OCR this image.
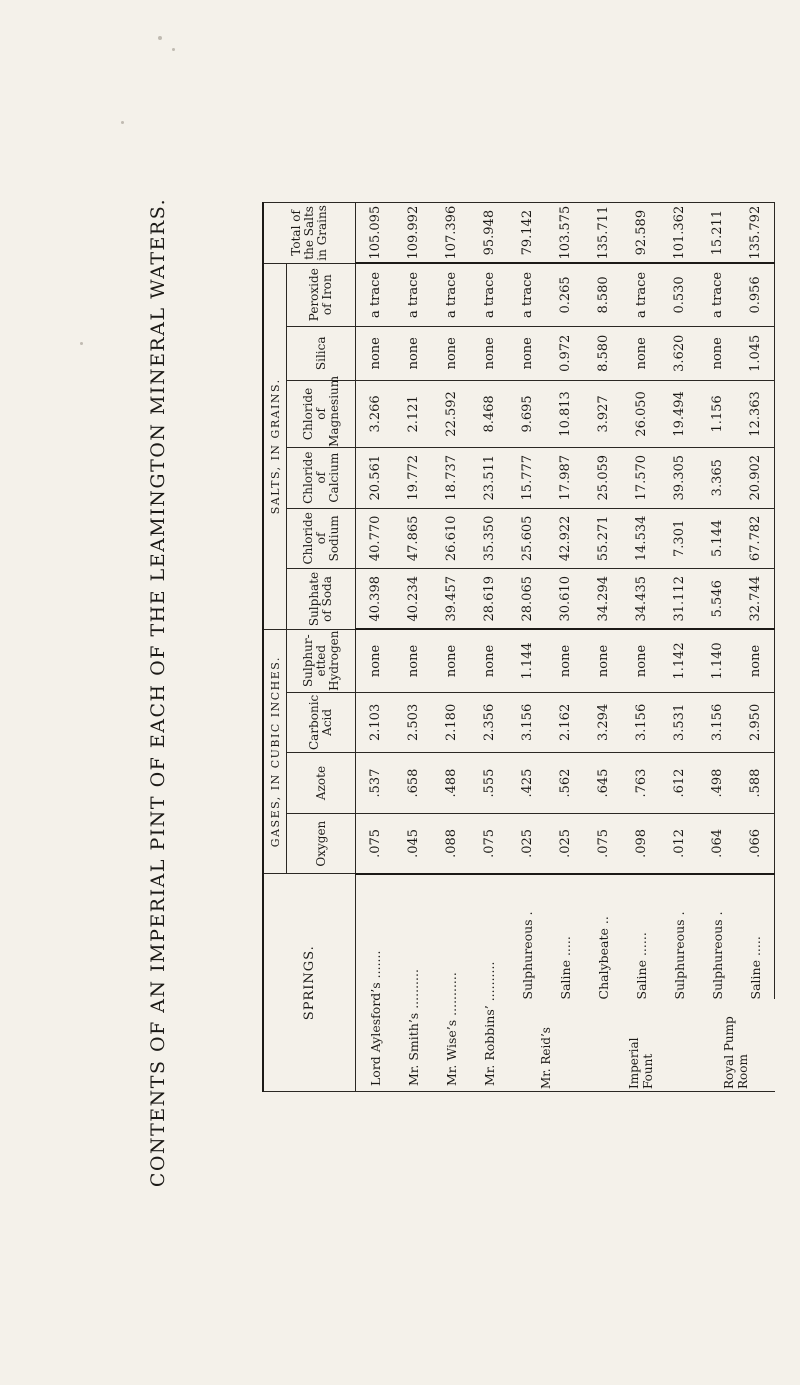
CONTENTS OF AN IMPERIAL PINT OF EACH OF THE LEAMINGTON MINERAL WATERS.	SPRINGS.		GASES, IN CUBIC INCHES.				SALTS, IN GRAINS.						Total of the Salts in Grains
		Oxygen	Azote	Carbonic Acid	Sulphur-etted Hydrogen	Sulphate of Soda	Chloride of Sodium	Chloride of Calcium	Chloride of Magnesium	Silica	Peroxide of Iron	
Lord Aylesford’s .......		.075	.537	2.103	none	40.398	40.770	20.561	3.266	none	a trace	105.095
Mr. Smith’s ..........		.045	.658	2.503	none	40.234	47.865	19.772	2.121	none	a trace	109.992
Mr. Wise’s ...........		.088	.488	2.180	none	39.457	26.610	18.737	22.592	none	a trace	107.396
Mr. Robbins’ ..........		.075	.555	2.356	none	28.619	35.350	23.511	8.468	none	a trace	95.948
Mr. Reid’s	Sulphureous .	.025	.425	3.156	1.144	28.065	25.605	15.777	9.695	none	a trace	79.142
	Saline .....	.025	.562	2.162	none	30.610	42.922	17.987	10.813	0.972	0.265	103.575
Imperial Fount	Chalybeate ..	.075	.645	3.294	none	34.294	55.271	25.059	3.927	8.580	8.580	135.711
	Saline ......	.098	.763	3.156	none	34.435	14.534	17.570	26.050	none	a trace	92.589
	Sulphureous .	.012	.612	3.531	1.142	31.112	7.301	39.305	19.494	3.620	0.530	101.362
Royal Pump Room	Sulphureous .	.064	.498	3.156	1.140	5.546	5.144	3.365	1.156	none	a trace	15.211
	Saline .....	.066	.588	2.950	none	32.744	67.782	20.902	12.363	1.045	0.956	135.792
